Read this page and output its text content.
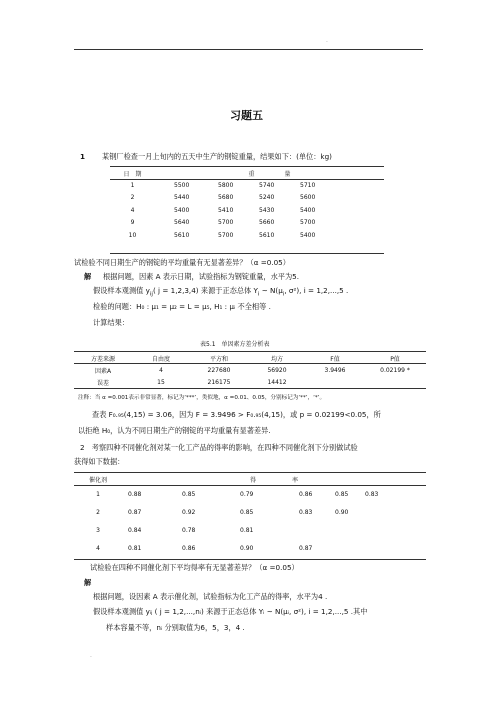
.
习题五
1 某钢厂检查一月上旬内的五天中生产的钢锭重量，结果如下：(单位：kg)
日　期	重　　　　　量			
1	5500	5800	5740	5710
2	5440	5680	5240	5600
4	5400	5410	5430	5400
9	5640	5700	5660	5700
10	5610	5700	5610	5400
试检验不同日期生产的钢锭的平均重量有无显著差异？（α =0.05）
解 根据问题，因素 A 表示日期，试验指标为钢锭重量，水平为5.
假设样本观测值 $y_{ij}$( j = 1,2,3,4) 来源于正态总体 $Y_i$ ~ $N(\mu_i$, σ²), i = 1,2,...,5 .
检验的问题：H₀ : μ₁ = μ₂ = L = μ₅, H₁ : μᵢ 不全相等 .
计算结果：
表5.1　单因素方差分析表
方差来源	自由度	平方和	均方	F值	P值
因素A	4	227680	56920	3.9496	0.02199 *
误差	15	216175	14412		
注释：当 α =0.001表示非常显著，标记为‘***’，类似地，α =0.01、0.05，分别标记为‘**’，‘*’。
查表 F₀.₉₅(4,15) = 3.06，因为 F = 3.9496 > F₀.₉₅(4,15)，或 p = 0.02199<0.05，所
以拒绝 H₀，认为不同日期生产的钢锭的平均重量有显著差异.
2　考察四种不同催化剂对某一化工产品的得率的影响，在四种不同催化剂下分别做试验
获得如下数据：
催化剂	得　　　　　　率					
1	0.88	0.85	0.79	0.86	0.85	0.83
2	0.87	0.92	0.85	0.83	0.90	
3	0.84	0.78	0.81			
4	0.81	0.86	0.90	0.87		
试检验在四种不同催化剂下平均得率有无显著差异？（α =0.05）
解
根据问题，设因素 A 表示催化剂，试验指标为化工产品的得率，水平为4 .
假设样本观测值 yᵢⱼ ( j = 1,2,...,nᵢ) 来源于正态总体 Yᵢ ~ N(μᵢ, σ²), i = 1,2,...,5 .其中
样本容量不等，nᵢ 分别取值为6，5，3，4 .
.
